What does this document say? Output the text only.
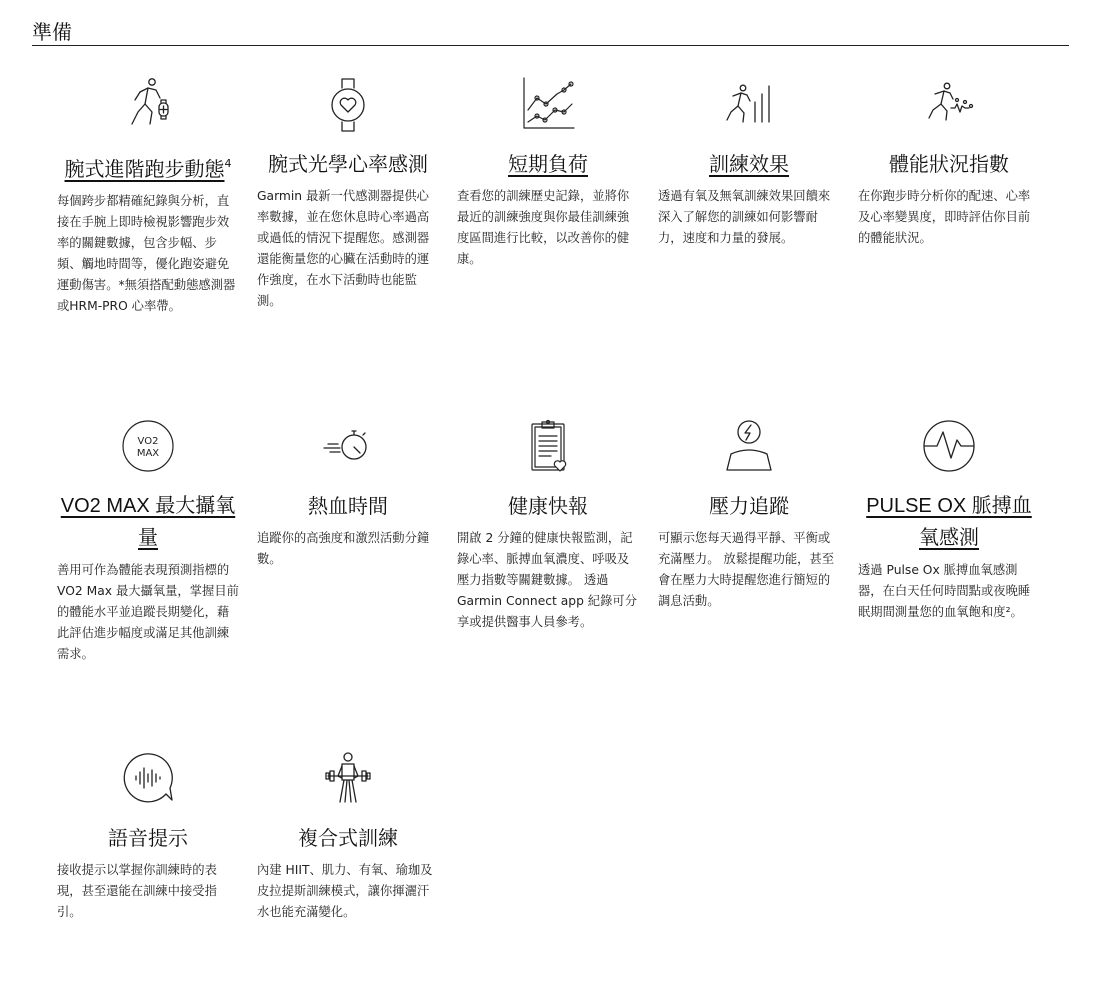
準備
腕式進階跑步動態$^4$

每個跨步都精確紀錄與分析，直接在手腕上即時檢視影響跑步效率的關鍵數據，包含步幅、步頻、觸地時間等，優化跑姿避免運動傷害。*無須搭配動態感測器或HRM-PRO 心率帶。

腕式光學心率感測

Garmin 最新一代感測器提供心率數據，並在您休息時心率過高或過低的情況下提醒您。感測器還能衡量您的心臟在活動時的運作強度，在水下活動時也能監測。

短期負荷

查看您的訓練歷史記錄，並將你最近的訓練強度與你最佳訓練強度區間進行比較，以改善你的健康。

訓練效果

透過有氧及無氧訓練效果回饋來深入了解您的訓練如何影響耐力，速度和力量的發展。

體能狀況指數

在你跑步時分析你的配速、心率及心率變異度，即時評估你目前的體能狀況。

VO2
MAX
VO2 MAX 最大攝氧量

善用可作為體能表現預測指標的 VO2 Max 最大攝氧量，掌握目前的體能水平並追蹤長期變化，藉此評估進步幅度或滿足其他訓練需求。

熱血時間

追蹤你的高強度和激烈活動分鐘數。

健康快報

開啟 2 分鐘的健康快報監測，記錄心率、脈搏血氧濃度、呼吸及壓力指數等關鍵數據。 透過 Garmin Connect app 紀錄可分享或提供醫事人員參考。

壓力追蹤

可顯示您每天過得平靜、平衡或充滿壓力。 放鬆提醒功能，甚至會在壓力大時提醒您進行簡短的調息活動。

PULSE OX 脈搏血氧感測

透過 Pulse Ox 脈搏血氧感測器，在白天任何時間點或夜晚睡眠期間測量您的血氧飽和度²。

語音提示

接收提示以掌握你訓練時的表現，甚至還能在訓練中接受指引。

複合式訓練

內建 HIIT、肌力、有氧、瑜珈及皮拉提斯訓練模式，讓你揮灑汗水也能充滿變化。
